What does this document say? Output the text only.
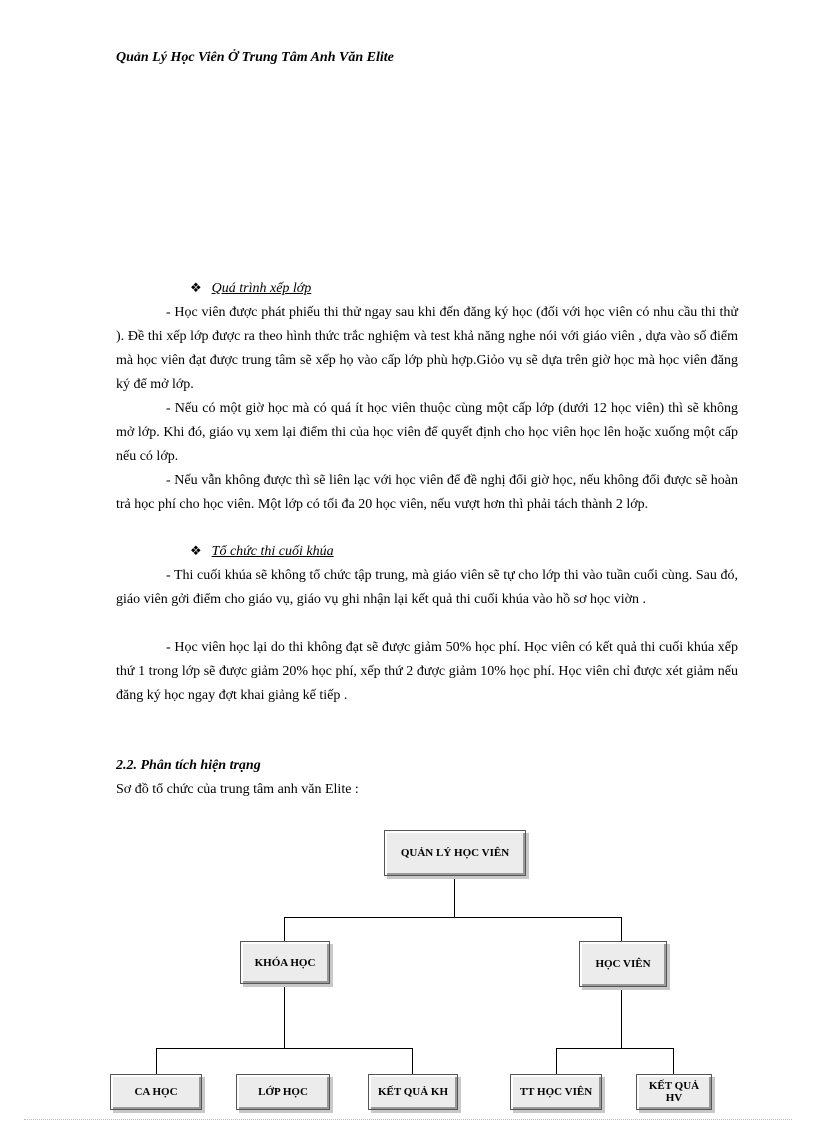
Quản Lý Học Viên Ở Trung Tâm Anh Văn Elite
❖ Quá trình xếp lớp

- Học viên được phát phiếu thi thử ngay sau khi đến đăng ký học (đối với học viên có nhu cầu thi thử ). Đề thi xếp lớp được ra theo hình thức trắc nghiệm và test khả năng nghe nói với giáo viên , dựa vào số điểm mà học viên đạt được trung tâm sẽ xếp họ vào cấp lớp phù hợp.Giỏo vụ sẽ dựa trên giờ học mà học viên đăng ký để mở lớp.

- Nếu có một giờ học mà có quá ít học viên thuộc cùng một cấp lớp (dưới 12 học viên) thì sẽ không mở lớp. Khi đó, giáo vụ xem lại điểm thi của học viên để quyết định cho học viên học lên hoặc xuống một cấp nếu có lớp.

- Nếu vẫn không được thì sẽ liên lạc với học viên để đề nghị đổi giờ học, nếu không đổi được sẽ hoàn trả học phí cho học viên. Một lớp có tối đa 20 học viên, nếu vượt hơn thì phải tách thành 2 lớp.

❖ Tổ chức thi cuối khúa

- Thi cuối khúa sẽ không tổ chức tập trung, mà giáo viên sẽ tự cho lớp thi vào tuần cuối cùng. Sau đó, giáo viên gởi điểm cho giáo vụ, giáo vụ ghi nhận lại kết quả thi cuối khúa vào hồ sơ học viờn .

- Học viên học lại do thi không đạt sẽ được giảm 50% học phí. Học viên có kết quả thi cuối khúa xếp thứ 1 trong lớp sẽ được giảm 20% học phí, xếp thứ 2 được giảm 10% học phí. Học viên chỉ được xét giảm nếu đăng ký học ngay đợt khai giảng kế tiếp .

2.2. Phân tích hiện trạng
Sơ đồ tổ chức của trung tâm anh văn Elite :
QUẢN LÝ HỌC VIÊN
KHÓA HỌC	HỌC VIÊN
CA HỌC	LỚP HỌC	KẾT QUẢ KH	TT HỌC VIÊN	KẾT QUẢ HV
